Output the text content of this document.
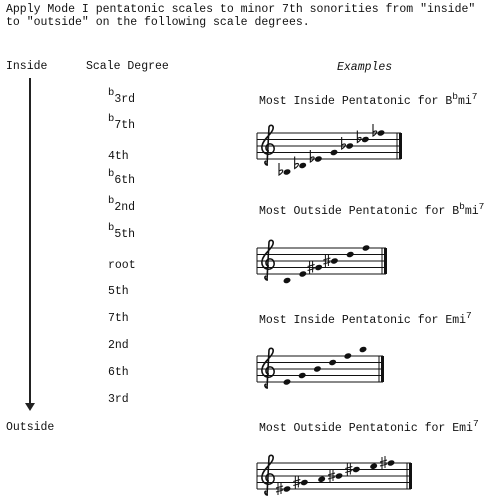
Apply Mode I pentatonic scales to minor 7th sonorities from "inside"
to "outside" on the following scale degrees.
Inside	Scale Degree	Examples
Outside
b3rd
b7th
4th
b6th
b2nd
b5th
root
5th
7th
2nd
6th
3rd
Most Inside Pentatonic for $B^bmi^7$
Most Outside Pentatonic for $B^bmi^7$
Most Inside Pentatonic for Emi$^7$
Most Outside Pentatonic for Emi$^7$
